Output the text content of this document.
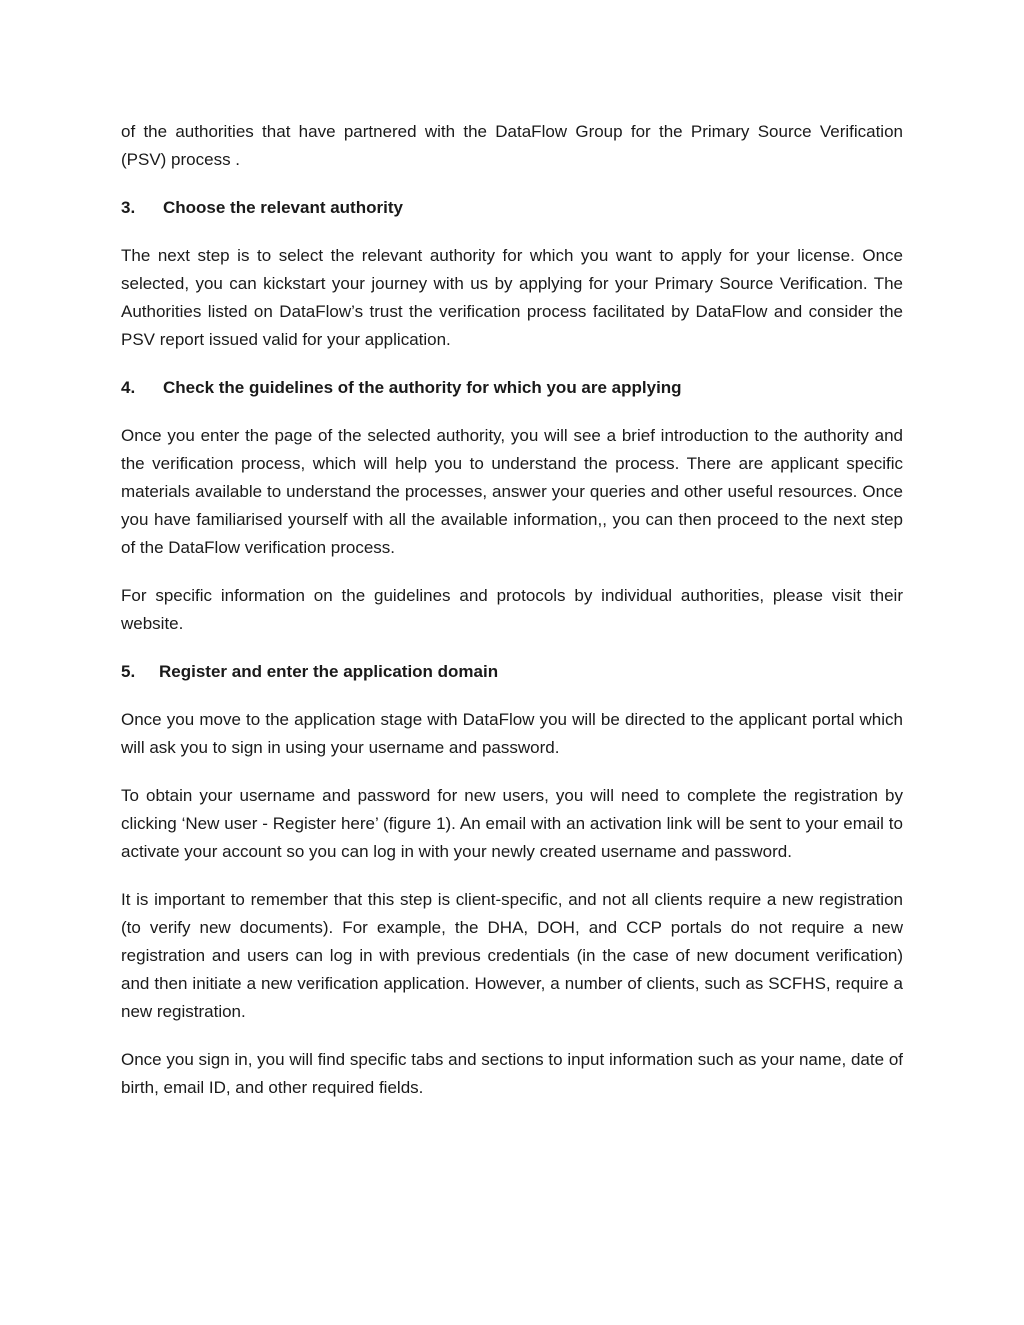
of the authorities that have partnered with the DataFlow Group for the Primary Source Verification (PSV) process .

3.	Choose the relevant authority

The next step is to select the relevant authority for which you want to apply for your license. Once selected, you can kickstart your journey with us by applying for your Primary Source Verification. The Authorities listed on DataFlow’s trust the verification process facilitated by DataFlow and consider the PSV report issued valid for your application.

4.	Check the guidelines of the authority for which you are applying

Once you enter the page of the selected authority, you will see a brief introduction to the authority and the verification process, which will help you to understand the process. There are applicant specific materials available to understand the processes, answer your queries and other useful resources. Once you have familiarised yourself with all the available information,, you can then proceed to the next step of the DataFlow verification process.

For specific information on the guidelines and protocols by individual authorities, please visit their website.

5.	Register and enter the application domain

Once you move to the application stage with DataFlow you will be directed to the applicant portal which will ask you to sign in using your username and password.

To obtain your username and password for new users, you will need to complete the registration by clicking ‘New user - Register here’ (figure 1). An email with an activation link will be sent to your email to activate your account so you can log in with your newly created username and password.

It is important to remember that this step is client-specific, and not all clients require a new registration (to verify new documents). For example, the DHA, DOH, and CCP portals do not require a new registration and users can log in with previous credentials (in the case of new document verification) and then initiate a new verification application. However, a number of clients, such as SCFHS, require a new registration.

Once you sign in, you will find specific tabs and sections to input information such as your name, date of birth, email ID, and other required fields.
